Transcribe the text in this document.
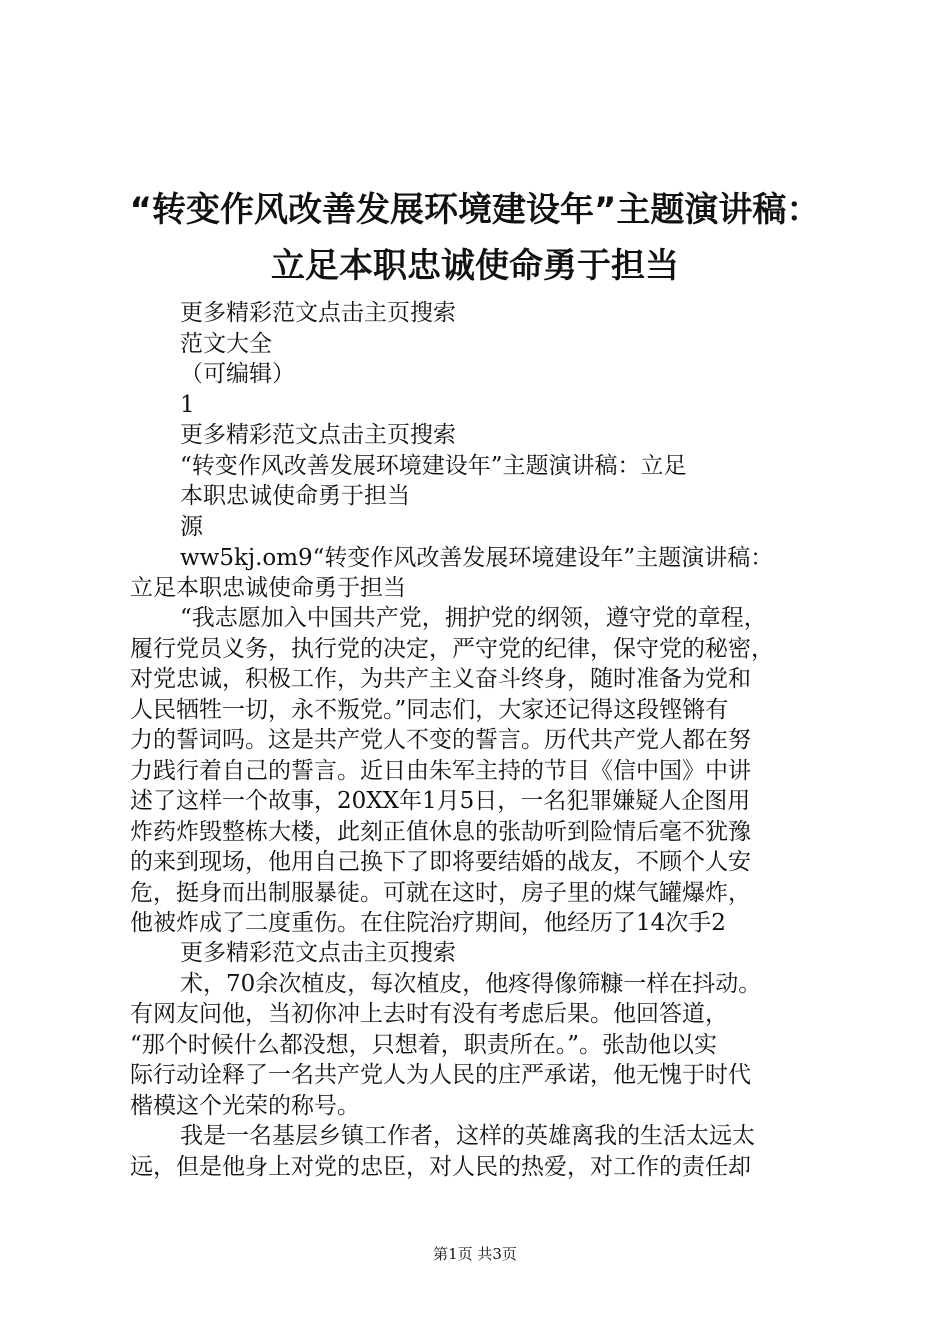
“转变作风改善发展环境建设年”主题演讲稿：
立足本职忠诚使命勇于担当
更多精彩范文点击主页搜索
范文大全
（可编辑）
1
更多精彩范文点击主页搜索
“转变作风改善发展环境建设年”主题演讲稿：立足
本职忠诚使命勇于担当
源
ww5kj.om9“转变作风改善发展环境建设年”主题演讲稿：
立足本职忠诚使命勇于担当
“我志愿加入中国共产党，拥护党的纲领，遵守党的章程，
履行党员义务，执行党的决定，严守党的纪律，保守党的秘密，
对党忠诚，积极工作，为共产主义奋斗终身，随时准备为党和
人民牺牲一切，永不叛党。”同志们，大家还记得这段铿锵有
力的誓词吗。这是共产党人不变的誓言。历代共产党人都在努
力践行着自己的誓言。近日由朱军主持的节目《信中国》中讲
述了这样一个故事，20XX年1月5日，一名犯罪嫌疑人企图用
炸药炸毁整栋大楼，此刻正值休息的张劼听到险情后毫不犹豫
的来到现场，他用自己换下了即将要结婚的战友，不顾个人安
危，挺身而出制服暴徒。可就在这时，房子里的煤气罐爆炸，
他被炸成了二度重伤。在住院治疗期间，他经历了14次手2
更多精彩范文点击主页搜索
术，70余次植皮，每次植皮，他疼得像筛糠一样在抖动。
有网友问他，当初你冲上去时有没有考虑后果。他回答道，
“那个时候什么都没想，只想着，职责所在。”。张劼他以实
际行动诠释了一名共产党人为人民的庄严承诺，他无愧于时代
楷模这个光荣的称号。
我是一名基层乡镇工作者，这样的英雄离我的生活太远太
远，但是他身上对党的忠臣，对人民的热爱，对工作的责任却
第1页 共3页
